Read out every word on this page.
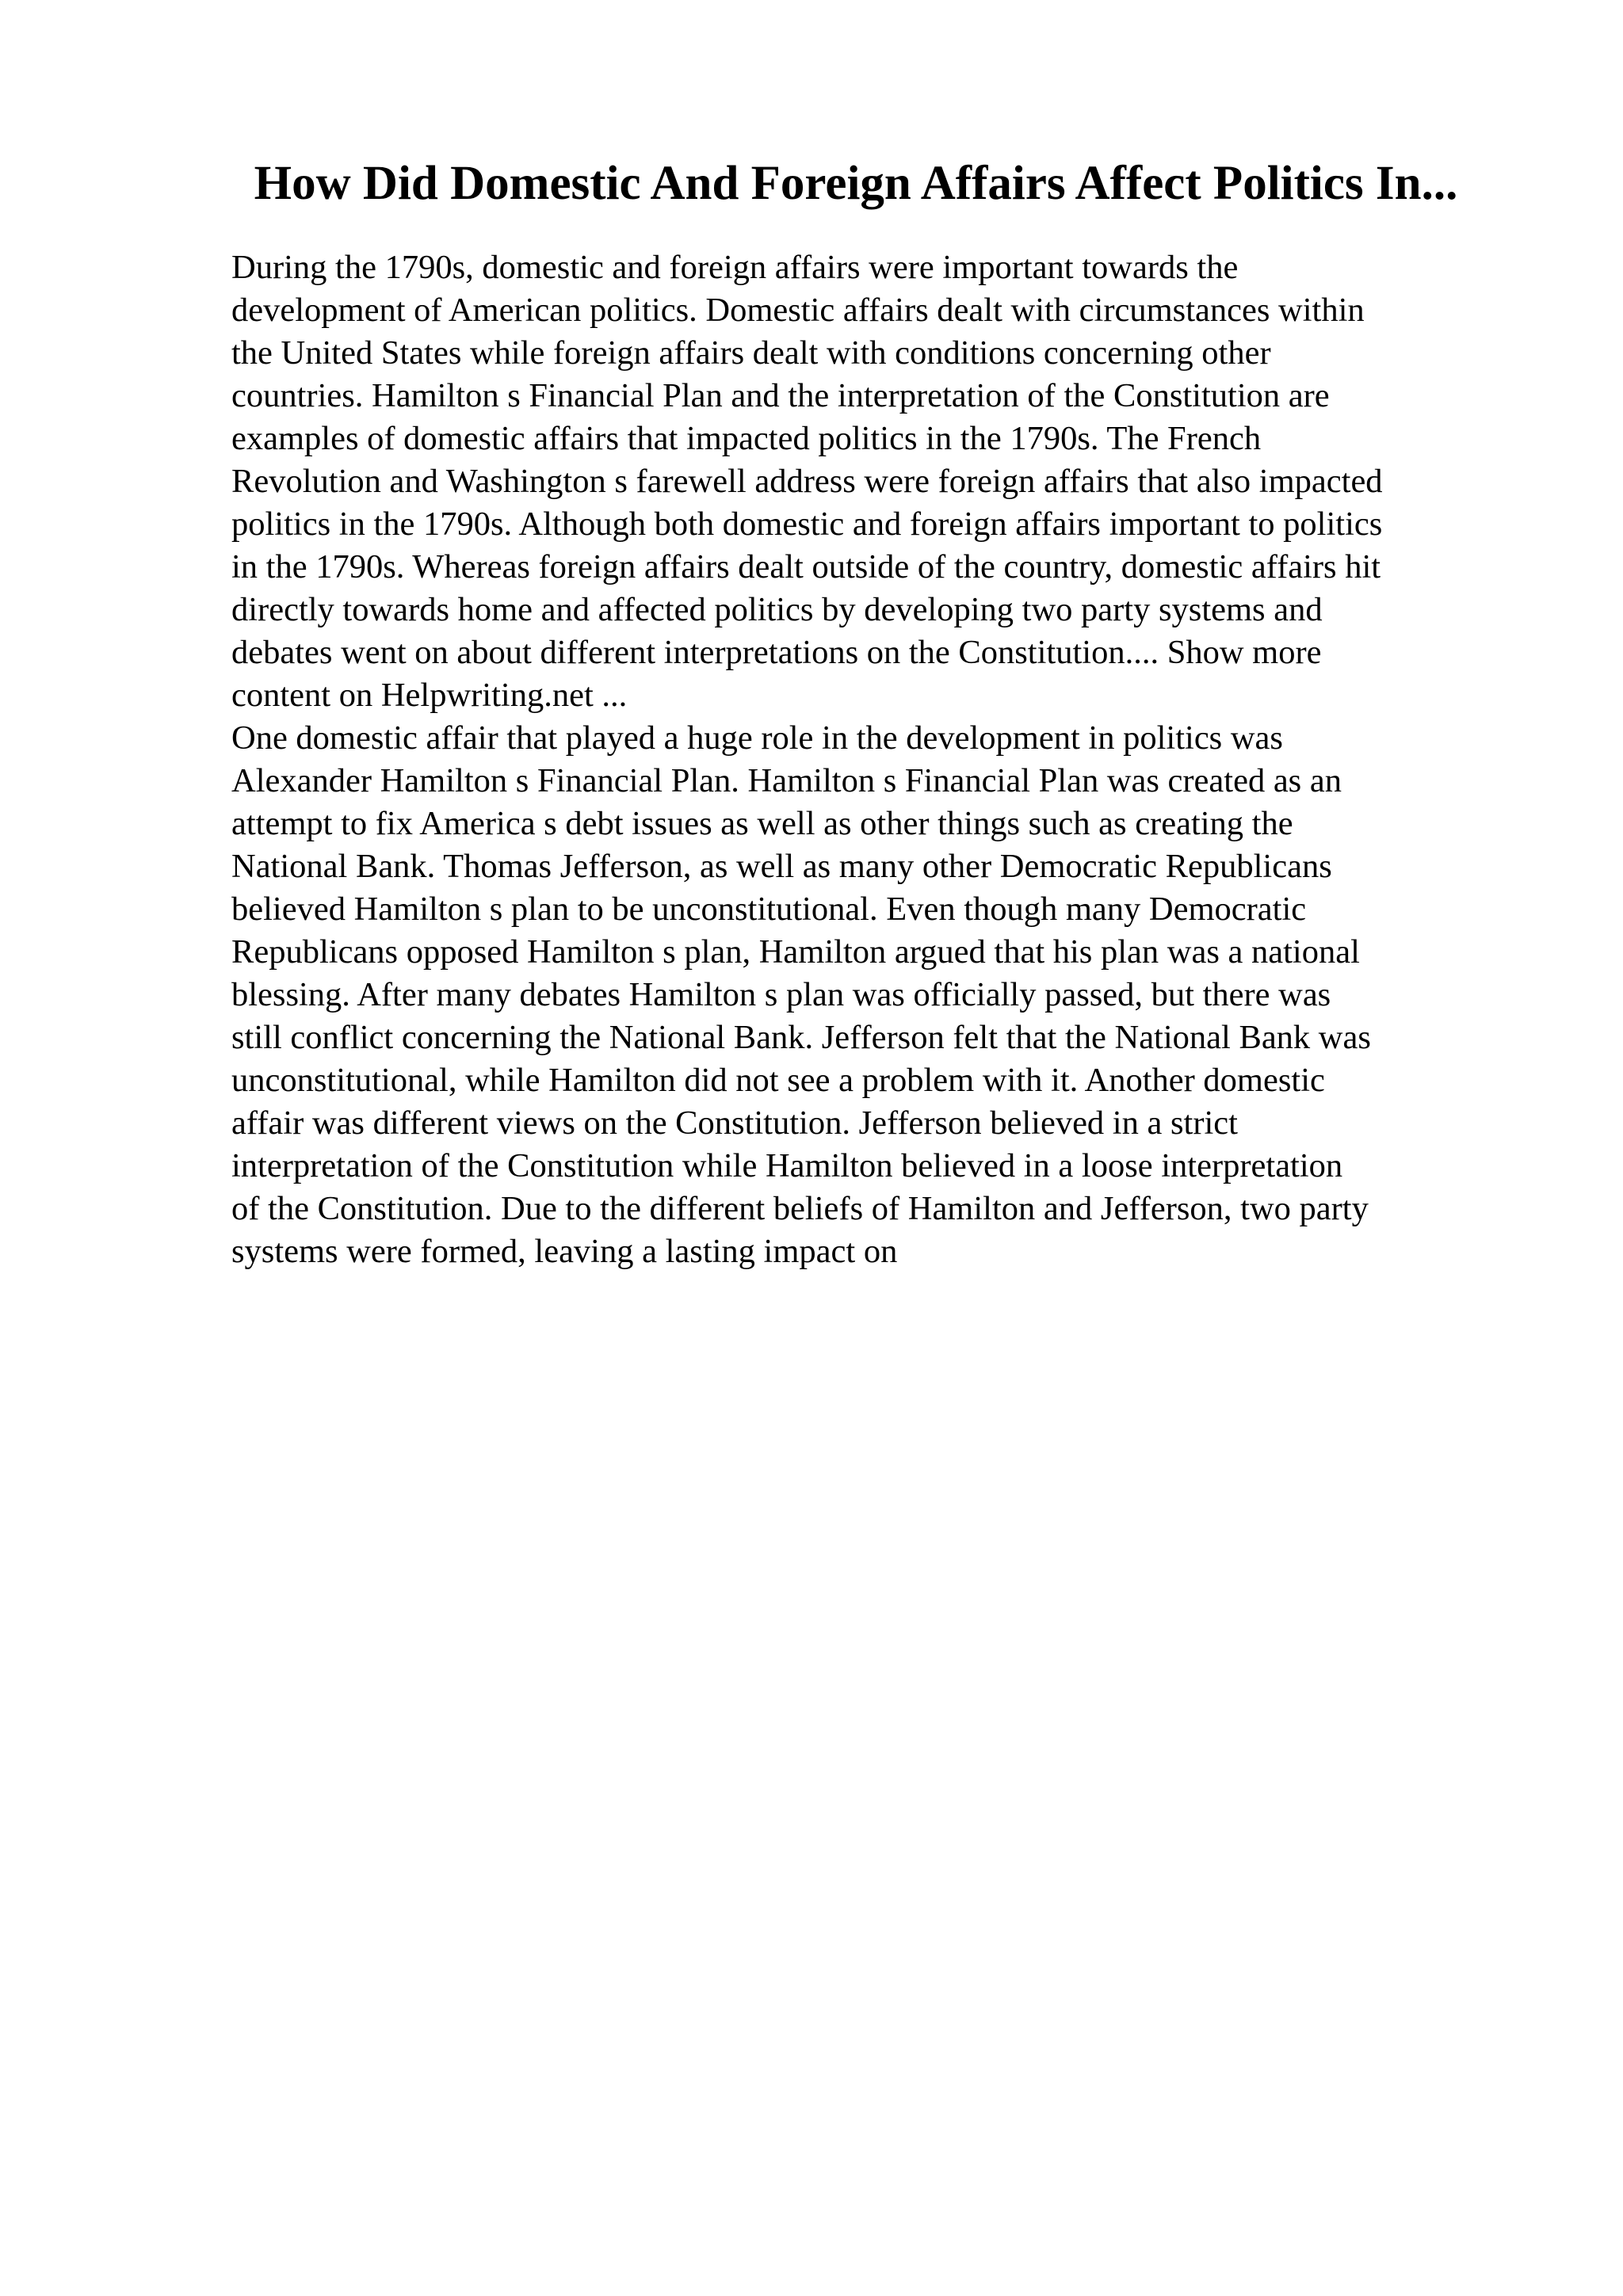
How Did Domestic And Foreign Affairs Affect Politics In...
During the 1790s, domestic and foreign affairs were important towards the
development of American politics. Domestic affairs dealt with circumstances within
the United States while foreign affairs dealt with conditions concerning other
countries. Hamilton s Financial Plan and the interpretation of the Constitution are
examples of domestic affairs that impacted politics in the 1790s. The French
Revolution and Washington s farewell address were foreign affairs that also impacted
politics in the 1790s. Although both domestic and foreign affairs important to politics
in the 1790s. Whereas foreign affairs dealt outside of the country, domestic affairs hit
directly towards home and affected politics by developing two party systems and
debates went on about different interpretations on the Constitution.... Show more
content on Helpwriting.net ...
One domestic affair that played a huge role in the development in politics was
Alexander Hamilton s Financial Plan. Hamilton s Financial Plan was created as an
attempt to fix America s debt issues as well as other things such as creating the
National Bank. Thomas Jefferson, as well as many other Democratic Republicans
believed Hamilton s plan to be unconstitutional. Even though many Democratic
Republicans opposed Hamilton s plan, Hamilton argued that his plan was a national
blessing. After many debates Hamilton s plan was officially passed, but there was
still conflict concerning the National Bank. Jefferson felt that the National Bank was
unconstitutional, while Hamilton did not see a problem with it. Another domestic
affair was different views on the Constitution. Jefferson believed in a strict
interpretation of the Constitution while Hamilton believed in a loose interpretation
of the Constitution. Due to the different beliefs of Hamilton and Jefferson, two party
systems were formed, leaving a lasting impact on
